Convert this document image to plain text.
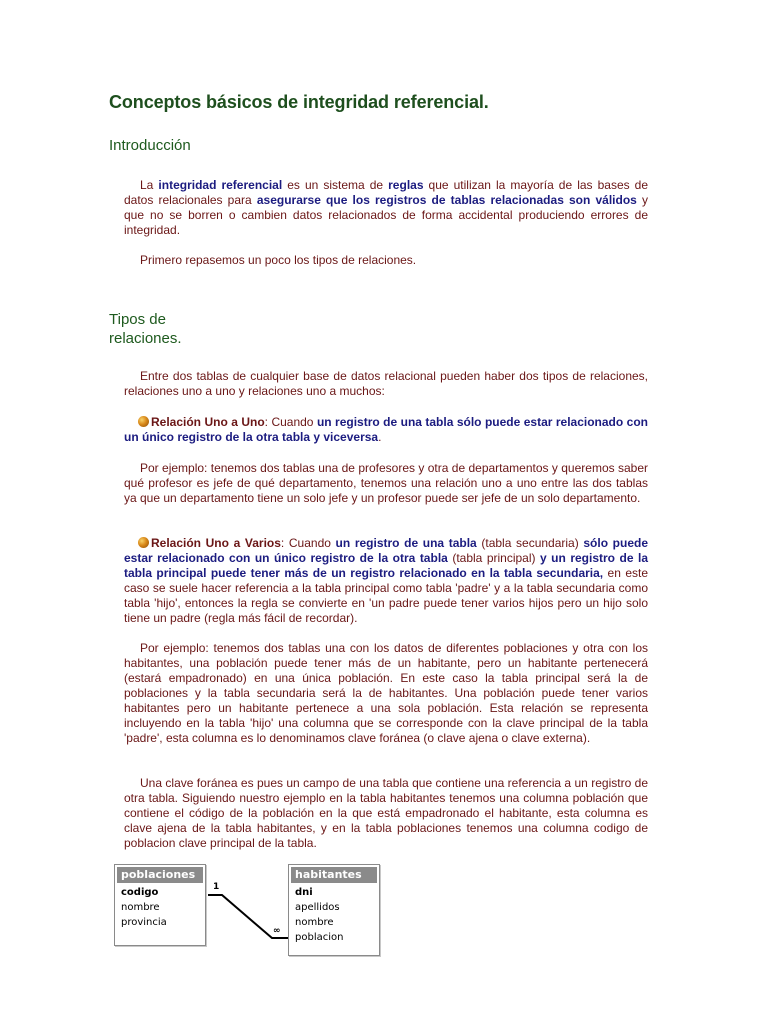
Conceptos básicos de integridad referencial.
Introducción

La integridad referencial es un sistema de reglas que utilizan la mayoría de las bases de datos relacionales para asegurarse que los registros de tablas relacionadas son válidos y que no se borren o cambien datos relacionados de forma accidental produciendo errores de integridad.

Primero repasemos un poco los tipos de relaciones.

Tipos de
relaciones.

Entre dos tablas de cualquier base de datos relacional pueden haber dos tipos de relaciones, relaciones uno a uno y relaciones uno a muchos:

Relación Uno a Uno: Cuando un registro de una tabla sólo puede estar relacionado con un único registro de la otra tabla y viceversa.

Por ejemplo: tenemos dos tablas una de profesores y otra de departamentos y queremos saber qué profesor es jefe de qué departamento, tenemos una relación uno a uno entre las dos tablas ya que un departamento tiene un solo jefe y un profesor puede ser jefe de un solo departamento.

Relación Uno a Varios: Cuando un registro de una tabla (tabla secundaria) sólo puede estar relacionado con un único registro de la otra tabla (tabla principal) y un registro de la tabla principal puede tener más de un registro relacionado en la tabla secundaria, en este caso se suele hacer referencia a la tabla principal como tabla 'padre' y a la tabla secundaria como tabla 'hijo', entonces la regla se convierte en 'un padre puede tener varios hijos pero un hijo solo tiene un padre (regla más fácil de recordar).

Por ejemplo: tenemos dos tablas una con los datos de diferentes poblaciones y otra con los habitantes, una población puede tener más de un habitante, pero un habitante pertenecerá (estará empadronado) en una única población. En este caso la tabla principal será la de poblaciones y la tabla secundaria será la de habitantes. Una población puede tener varios habitantes pero un habitante pertenece a una sola población. Esta relación se representa incluyendo en la tabla 'hijo' una columna que se corresponde con la clave principal de la tabla 'padre', esta columna es lo denominamos clave foránea (o clave ajena o clave externa).

Una clave foránea es pues un campo de una tabla que contiene una referencia a un registro de otra tabla. Siguiendo nuestro ejemplo en la tabla habitantes tenemos una columna población que contiene el código de la población en la que está empadronado el habitante, esta columna es clave ajena de la tabla habitantes, y en la tabla poblaciones tenemos una columna codigo de poblacion clave principal de la tabla.

1
∞
poblaciones
codigo
nombre
provincia
habitantes
dni
apellidos
nombre
poblacion
